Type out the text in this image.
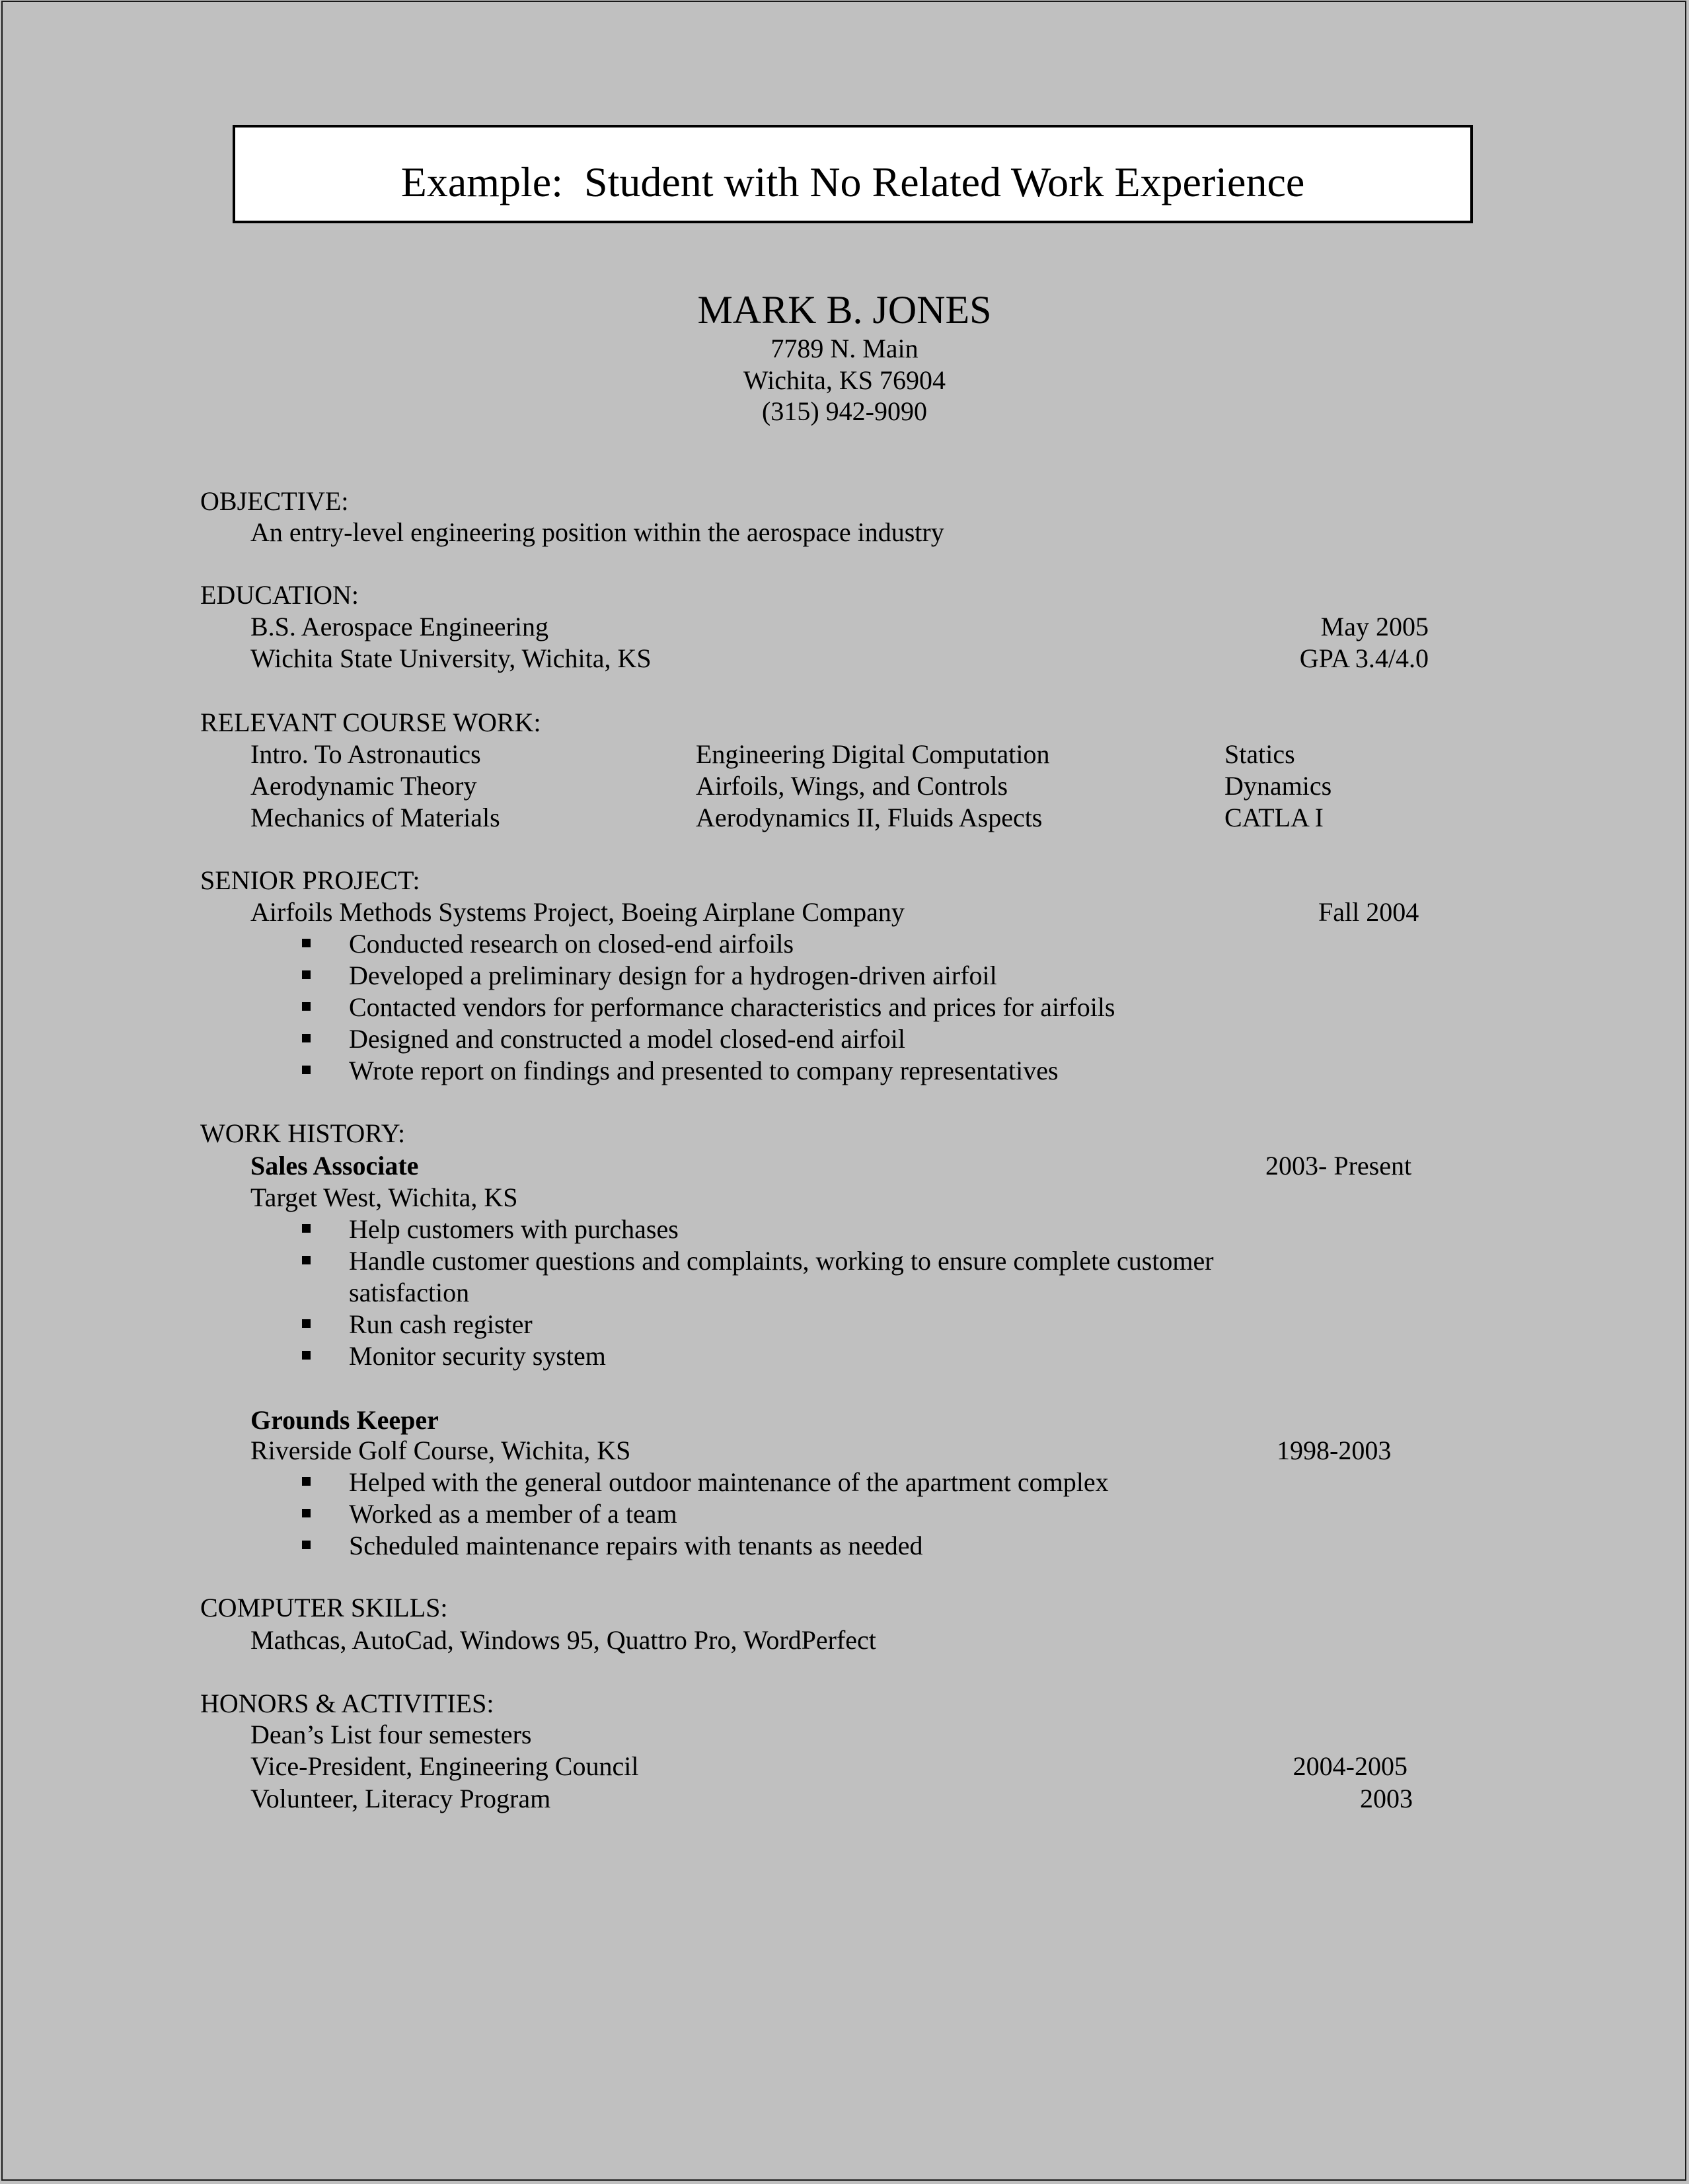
Example:  Student with No Related Work Experience
MARK B. JONES
7789 N. Main
Wichita, KS 76904
(315) 942-9090
OBJECTIVE:
An entry-level engineering position within the aerospace industry
EDUCATION:
B.S. Aerospace Engineering	May 2005
Wichita State University, Wichita, KS	GPA 3.4/4.0
RELEVANT COURSE WORK:
Intro. To Astronautics	Engineering Digital Computation	Statics
Aerodynamic Theory	Airfoils, Wings, and Controls	Dynamics
Mechanics of Materials	Aerodynamics II, Fluids Aspects	CATLA I
SENIOR PROJECT:
Airfoils Methods Systems Project, Boeing Airplane Company	Fall 2004
Conducted research on closed-end airfoils
Developed a preliminary design for a hydrogen-driven airfoil
Contacted vendors for performance characteristics and prices for airfoils
Designed and constructed a model closed-end airfoil
Wrote report on findings and presented to company representatives
WORK HISTORY:
Sales Associate	2003- Present
Target West, Wichita, KS
Help customers with purchases
Handle customer questions and complaints, working to ensure complete customer
satisfaction
Run cash register
Monitor security system
Grounds Keeper
Riverside Golf Course, Wichita, KS	1998-2003
Helped with the general outdoor maintenance of the apartment complex
Worked as a member of a team
Scheduled maintenance repairs with tenants as needed
COMPUTER SKILLS:
Mathcas, AutoCad, Windows 95, Quattro Pro, WordPerfect
HONORS & ACTIVITIES:
Dean’s List four semesters
Vice-President, Engineering Council	2004-2005
Volunteer, Literacy Program	2003
